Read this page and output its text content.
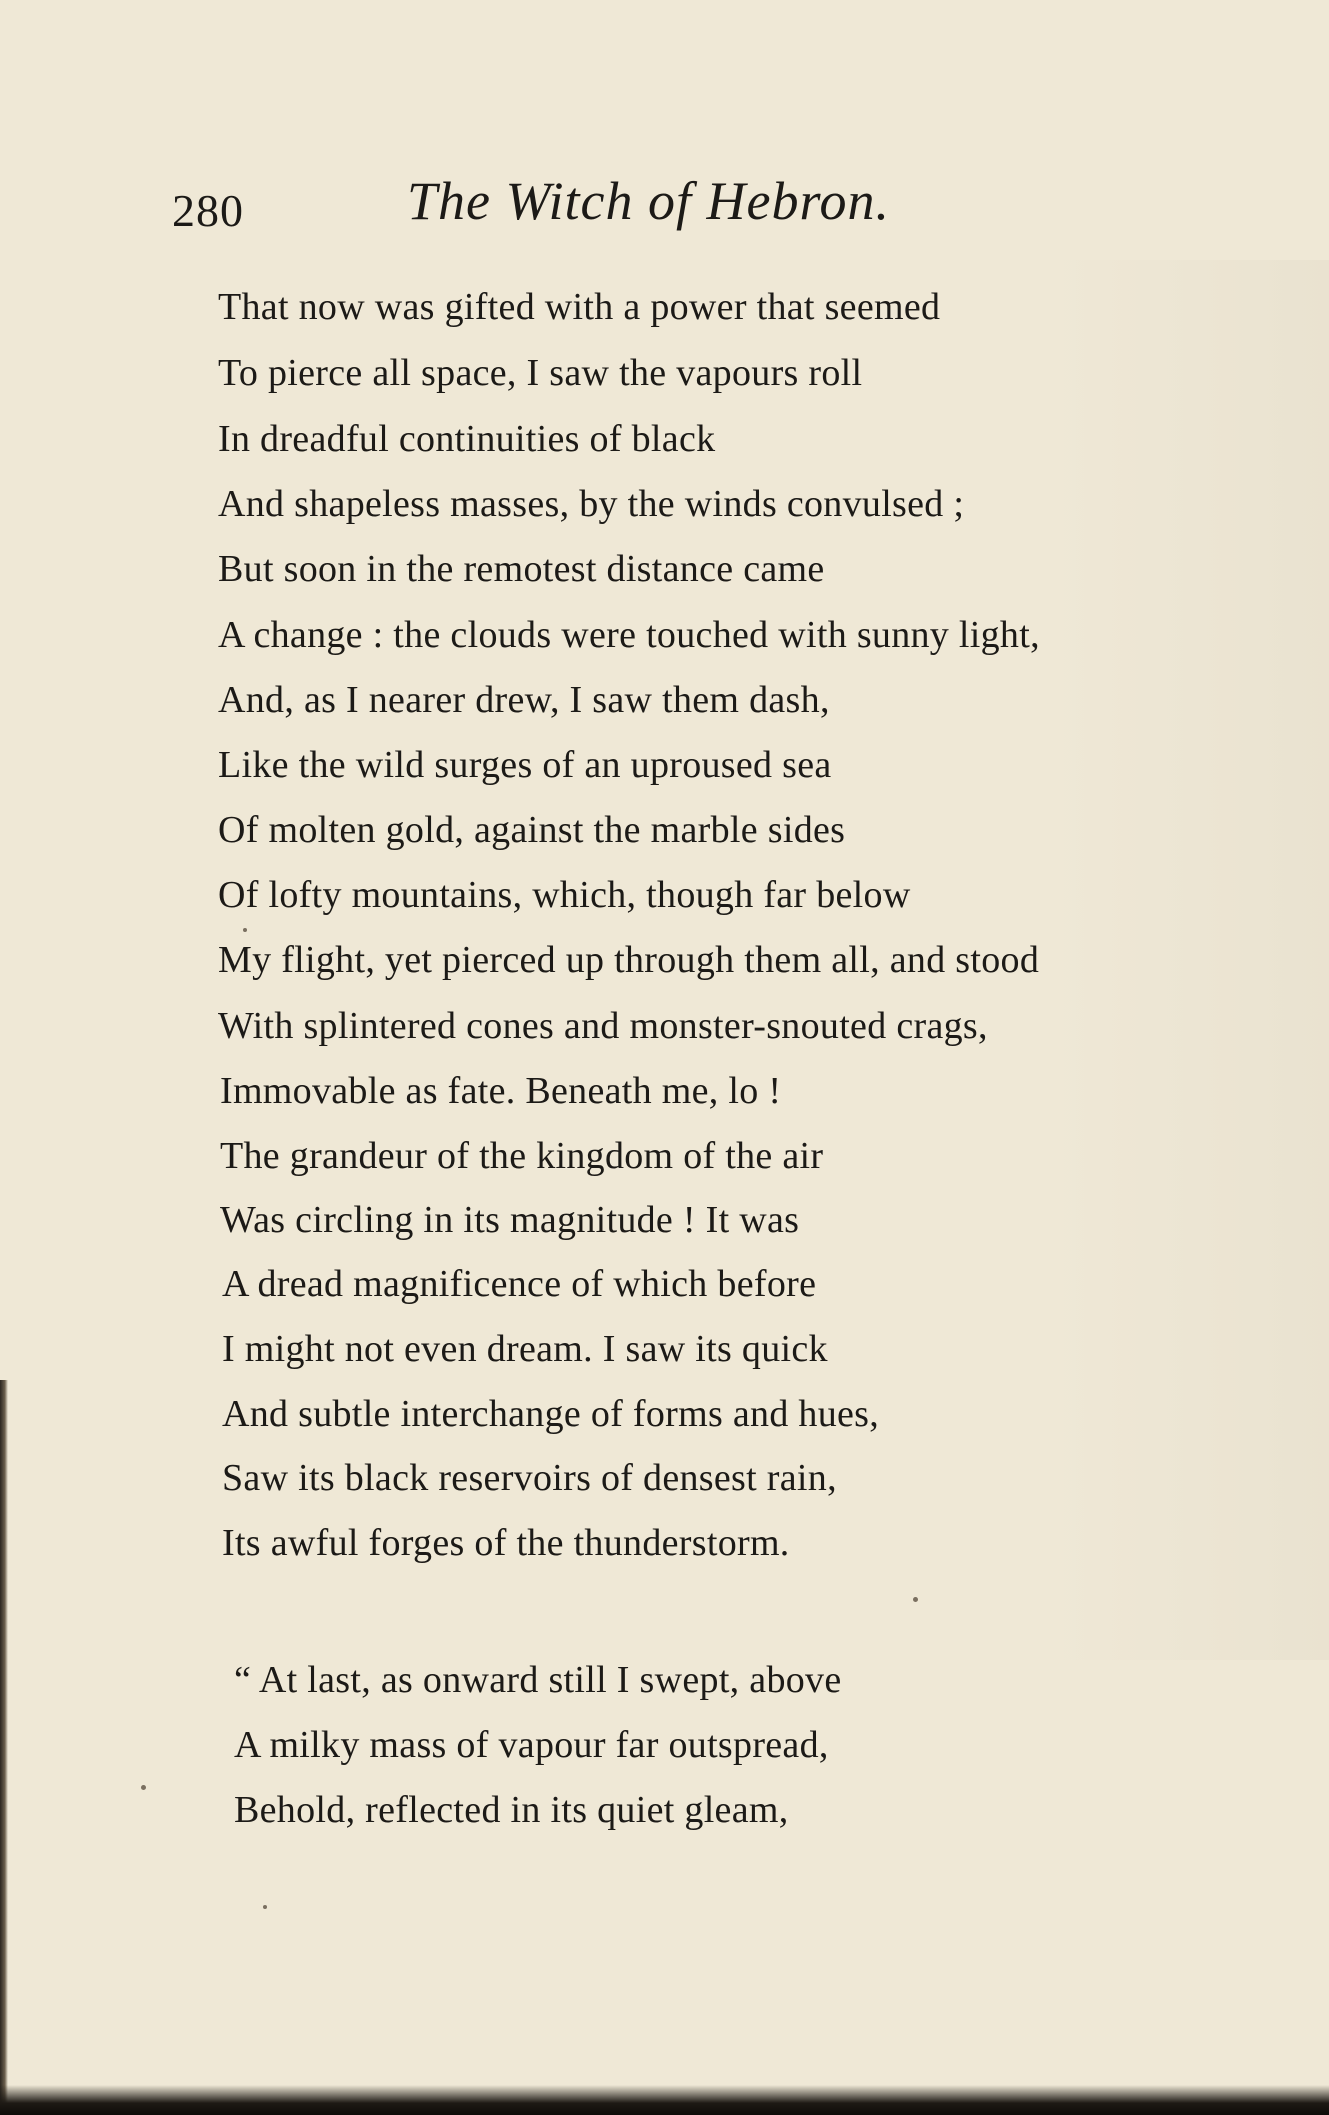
280	The Witch of Hebron.
That now was gifted with a power that seemed
To pierce all space, I saw the vapours roll
In dreadful continuities of black
And shapeless masses, by the winds convulsed ;
But soon in the remotest distance came
A change : the clouds were touched with sunny light,
And, as I nearer drew, I saw them dash,
Like the wild surges of an uproused sea
Of molten gold, against the marble sides
Of lofty mountains, which, though far below
My flight, yet pierced up through them all, and stood
With splintered cones and monster-snouted crags,
Immovable as fate. Beneath me, lo !
The grandeur of the kingdom of the air
Was circling in its magnitude ! It was
A dread magnificence of which before
I might not even dream. I saw its quick
And subtle interchange of forms and hues,
Saw its black reservoirs of densest rain,
Its awful forges of the thunderstorm.
“ At last, as onward still I swept, above
A milky mass of vapour far outspread,
Behold, reflected in its quiet gleam,
